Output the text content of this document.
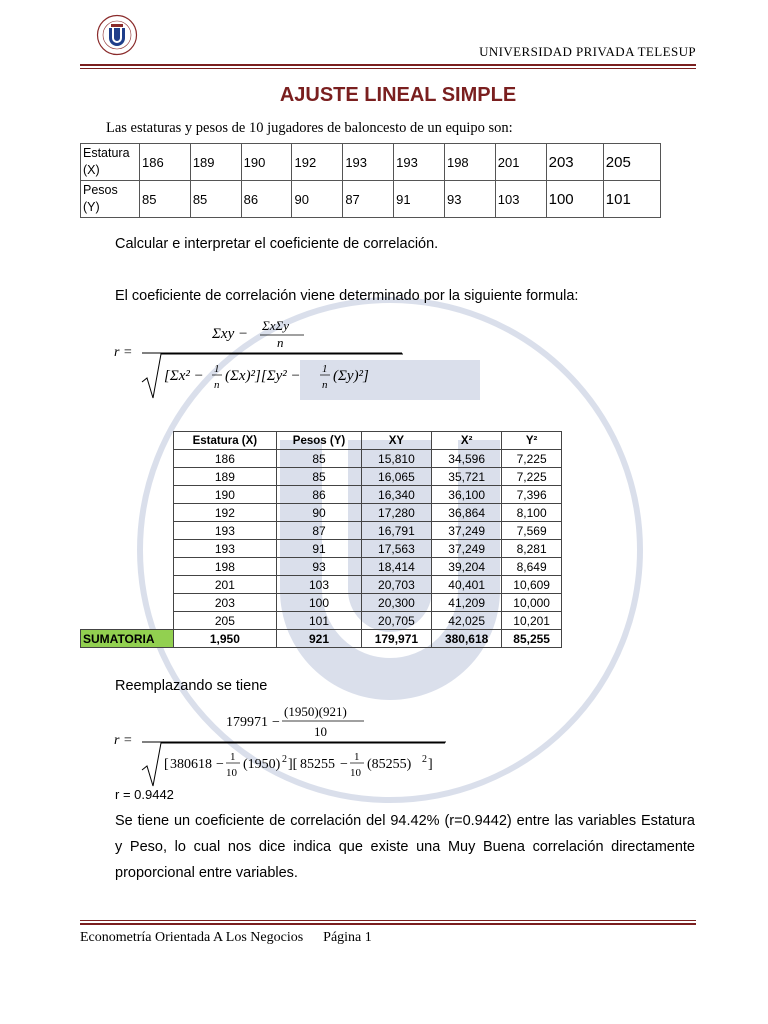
UNIVERSIDAD PRIVADA TELESUP
AJUSTE LINEAL SIMPLE
Las estaturas y pesos de 10 jugadores de baloncesto de un equipo son:
Estatura
(X)	186	189	190	192	193	193	198	201	203	205
Pesos
(Y)	85	85	86	90	87	91	93	103	100	101
Calcular e interpretar el coeficiente de correlación.
El coeficiente de correlación viene determinado por la siguiente formula:
r =
Σxy −
ΣxΣy
n
[Σx² − 1
n
(Σx)²][Σy² − 1
n
(Σy)²]
	Estatura (X)	Pesos (Y)	XY	X²	Y²
	186	85	15,810	34,596	7,225
	189	85	16,065	35,721	7,225
	190	86	16,340	36,100	7,396
	192	90	17,280	36,864	8,100
	193	87	16,791	37,249	7,569
	193	91	17,563	37,249	8,281
	198	93	18,414	39,204	8,649
	201	103	20,703	40,401	10,609
	203	100	20,300	41,209	10,000
	205	101	20,705	42,025	10,201
SUMATORIA	1,950	921	179,971	380,618	85,255
Reemplazando se tiene
r =
179971 −
(1950)(921)
10
[ 380618 − 1
10
(1950) 2 ][ 85255 − 1
10
(85255) 2 ]
r = 0.9442
Se tiene un coeficiente de correlación del 94.42% (r=0.9442) entre las variables Estatura y Peso, lo cual nos dice indica que existe una Muy Buena correlación directamente proporcional entre variables.
Econometría Orientada A Los Negocios Página 1
